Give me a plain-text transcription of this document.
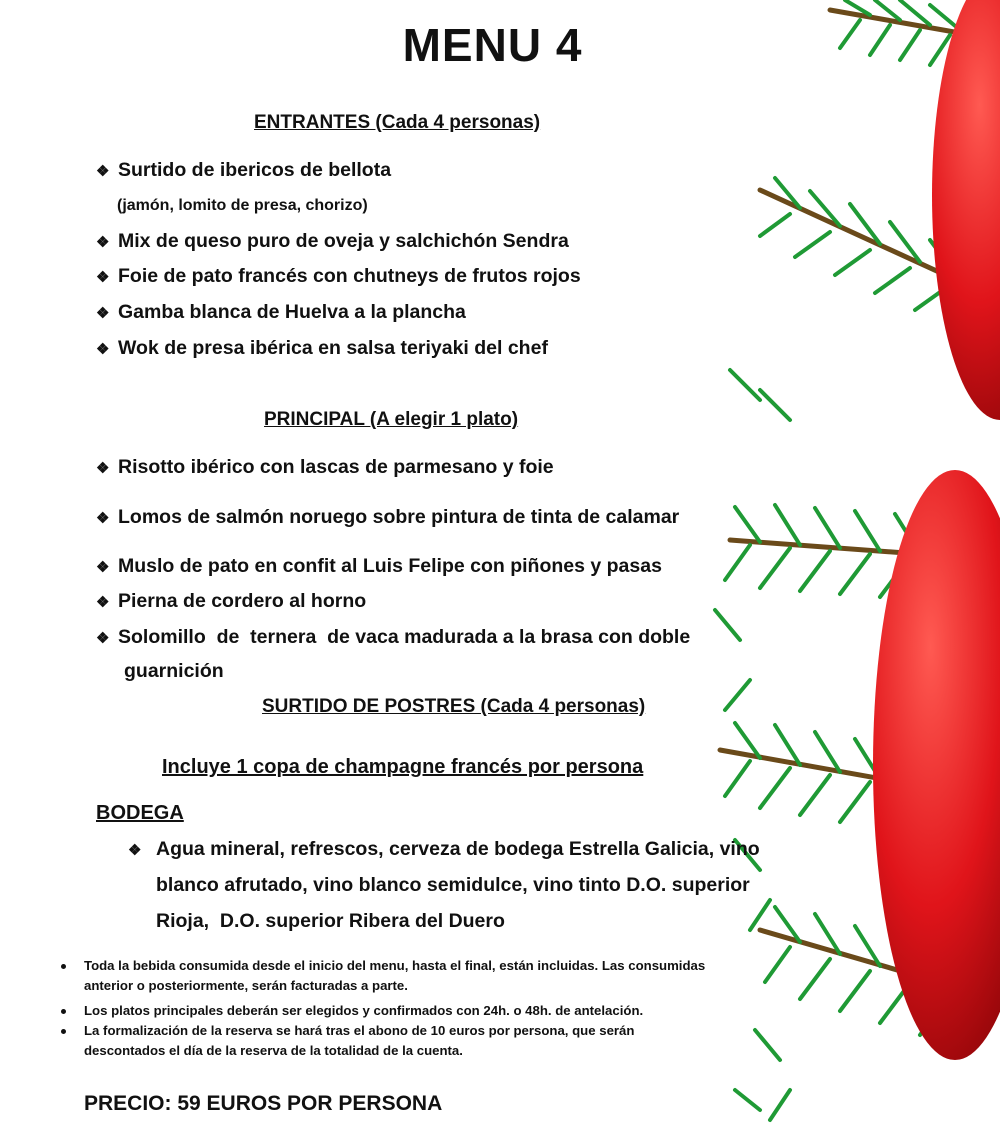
MENU 4
ENTRANTES (Cada 4 personas)
❖ Surtido de ibericos de bellota
(jamón, lomito de presa, chorizo)
❖ Mix de queso puro de oveja y salchichón Sendra
❖ Foie de pato francés con chutneys de frutos rojos
❖ Gamba blanca de Huelva a la plancha
❖ Wok de presa ibérica en salsa teriyaki del chef
PRINCIPAL (A elegir 1 plato)
❖ Risotto ibérico con lascas de parmesano y foie
❖ Lomos de salmón noruego sobre pintura de tinta de calamar
❖ Muslo de pato en confit al Luis Felipe con piñones y pasas
❖ Pierna de cordero al horno
❖ Solomillo  de  ternera  de vaca madurada a la brasa con doble
guarnición
SURTIDO DE POSTRES (Cada 4 personas)
Incluye 1 copa de champagne francés por persona
BODEGA
❖ Agua mineral, refrescos, cerveza de bodega Estrella Galicia, vino
blanco afrutado, vino blanco semidulce, vino tinto D.O. superior
Rioja,  D.O. superior Ribera del Duero
Toda la bebida consumida desde el inicio del menu, hasta el final, están incluidas. Las consumidas
anterior o posteriormente, serán facturadas a parte.
Los platos principales deberán ser elegidos y confirmados con 24h. o 48h. de antelación.
La formalización de la reserva se hará tras el abono de 10 euros por persona, que serán
descontados el día de la reserva de la totalidad de la cuenta.
PRECIO: 59 EUROS POR PERSONA
